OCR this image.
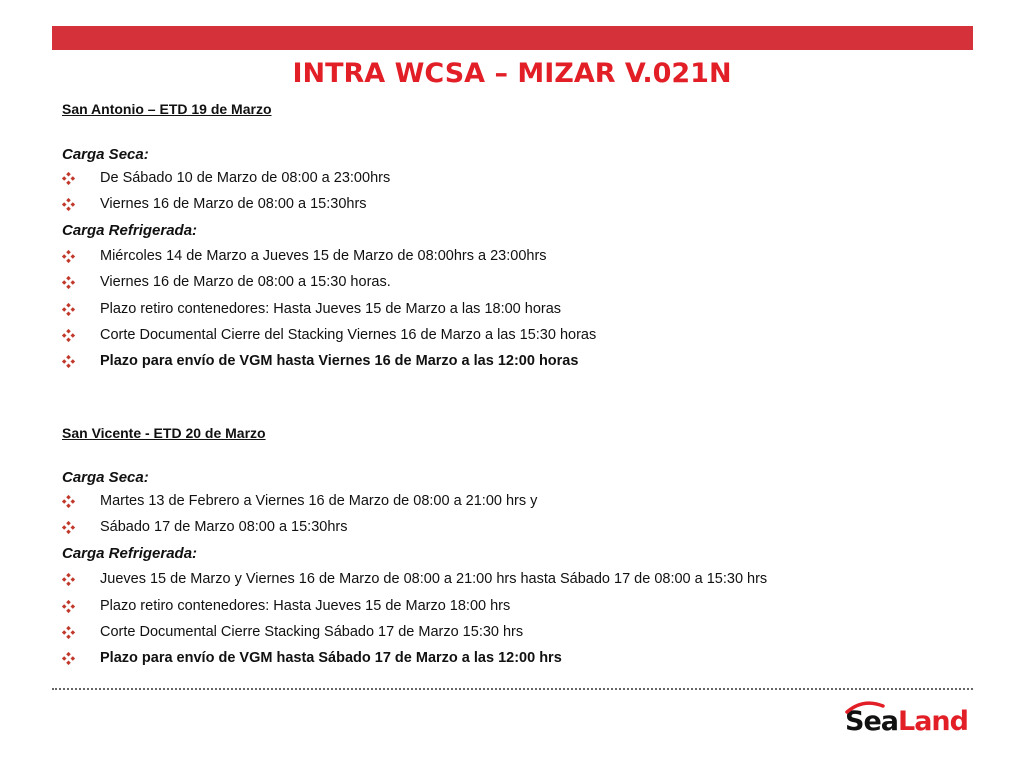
INTRA WCSA – MIZAR V.021N
San Antonio – ETD 19 de Marzo
Carga Seca:
De Sábado 10 de Marzo de 08:00 a 23:00hrs
Viernes 16 de Marzo de 08:00 a 15:30hrs
Carga Refrigerada:
Miércoles 14 de Marzo a Jueves 15 de Marzo de 08:00hrs a 23:00hrs
Viernes 16 de Marzo de 08:00 a 15:30 horas.
Plazo retiro contenedores: Hasta Jueves 15 de Marzo a las 18:00 horas
Corte Documental Cierre del Stacking Viernes 16 de Marzo a las 15:30 horas
Plazo para envío de VGM hasta Viernes 16 de Marzo a las 12:00 horas
San Vicente - ETD 20 de Marzo
Carga Seca:
Martes 13 de Febrero a Viernes 16 de Marzo de 08:00 a 21:00 hrs y
Sábado 17 de Marzo 08:00 a 15:30hrs
Carga Refrigerada:
Jueves 15 de Marzo y Viernes 16 de Marzo de 08:00 a 21:00 hrs hasta Sábado 17 de 08:00 a 15:30 hrs
Plazo retiro contenedores: Hasta Jueves 15 de Marzo 18:00 hrs
Corte Documental Cierre Stacking Sábado 17 de Marzo 15:30 hrs
Plazo para envío de VGM hasta Sábado 17 de Marzo a las 12:00 hrs
SeaLand
